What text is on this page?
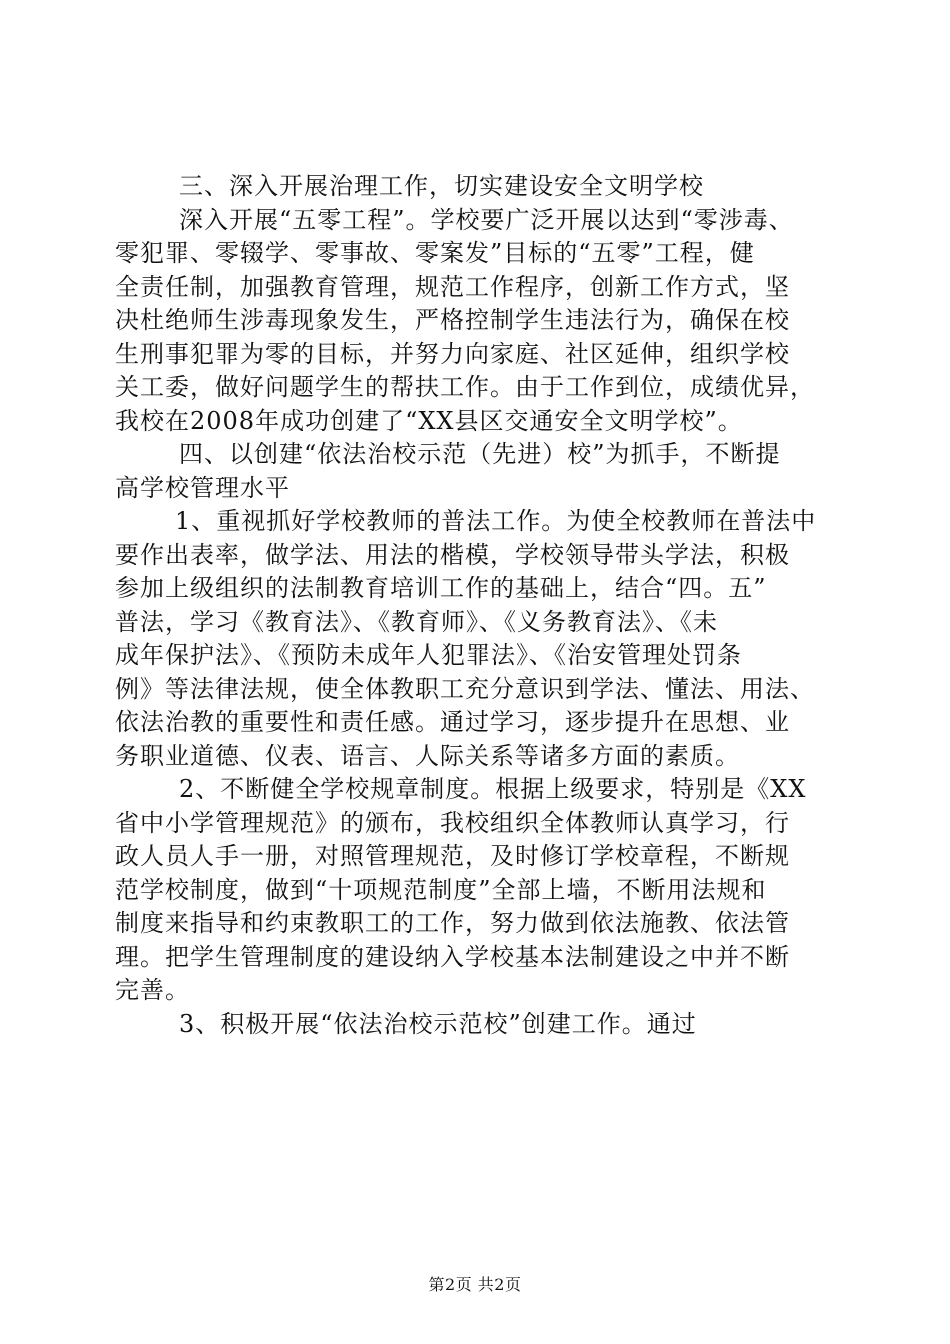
三、深入开展治理工作，切实建设安全文明学校
深入开展“五零工程”。学校要广泛开展以达到“零涉毒、
零犯罪、零辍学、零事故、零案发”目标的“五零”工程，健
全责任制，加强教育管理，规范工作程序，创新工作方式，坚
决杜绝师生涉毒现象发生，严格控制学生违法行为，确保在校
生刑事犯罪为零的目标，并努力向家庭、社区延伸，组织学校
关工委，做好问题学生的帮扶工作。由于工作到位，成绩优异，
我校在2008年成功创建了“XX县区交通安全文明学校”。
四、以创建“依法治校示范（先进）校”为抓手，不断提
高学校管理水平
1、重视抓好学校教师的普法工作。为使全校教师在普法中
要作出表率，做学法、用法的楷模，学校领导带头学法，积极
参加上级组织的法制教育培训工作的基础上，结合“四。五”
普法，学习《教育法》、《教育师》、《义务教育法》、《未
成年保护法》、《预防未成年人犯罪法》、《治安管理处罚条
例》等法律法规，使全体教职工充分意识到学法、懂法、用法、
依法治教的重要性和责任感。通过学习，逐步提升在思想、业
务职业道德、仪表、语言、人际关系等诸多方面的素质。
2、不断健全学校规章制度。根据上级要求，特别是《XX
省中小学管理规范》的颁布，我校组织全体教师认真学习，行
政人员人手一册，对照管理规范，及时修订学校章程，不断规
范学校制度，做到“十项规范制度”全部上墙，不断用法规和
制度来指导和约束教职工的工作，努力做到依法施教、依法管
理。把学生管理制度的建设纳入学校基本法制建设之中并不断
完善。
3、积极开展“依法治校示范校”创建工作。通过
第2页 共2页
